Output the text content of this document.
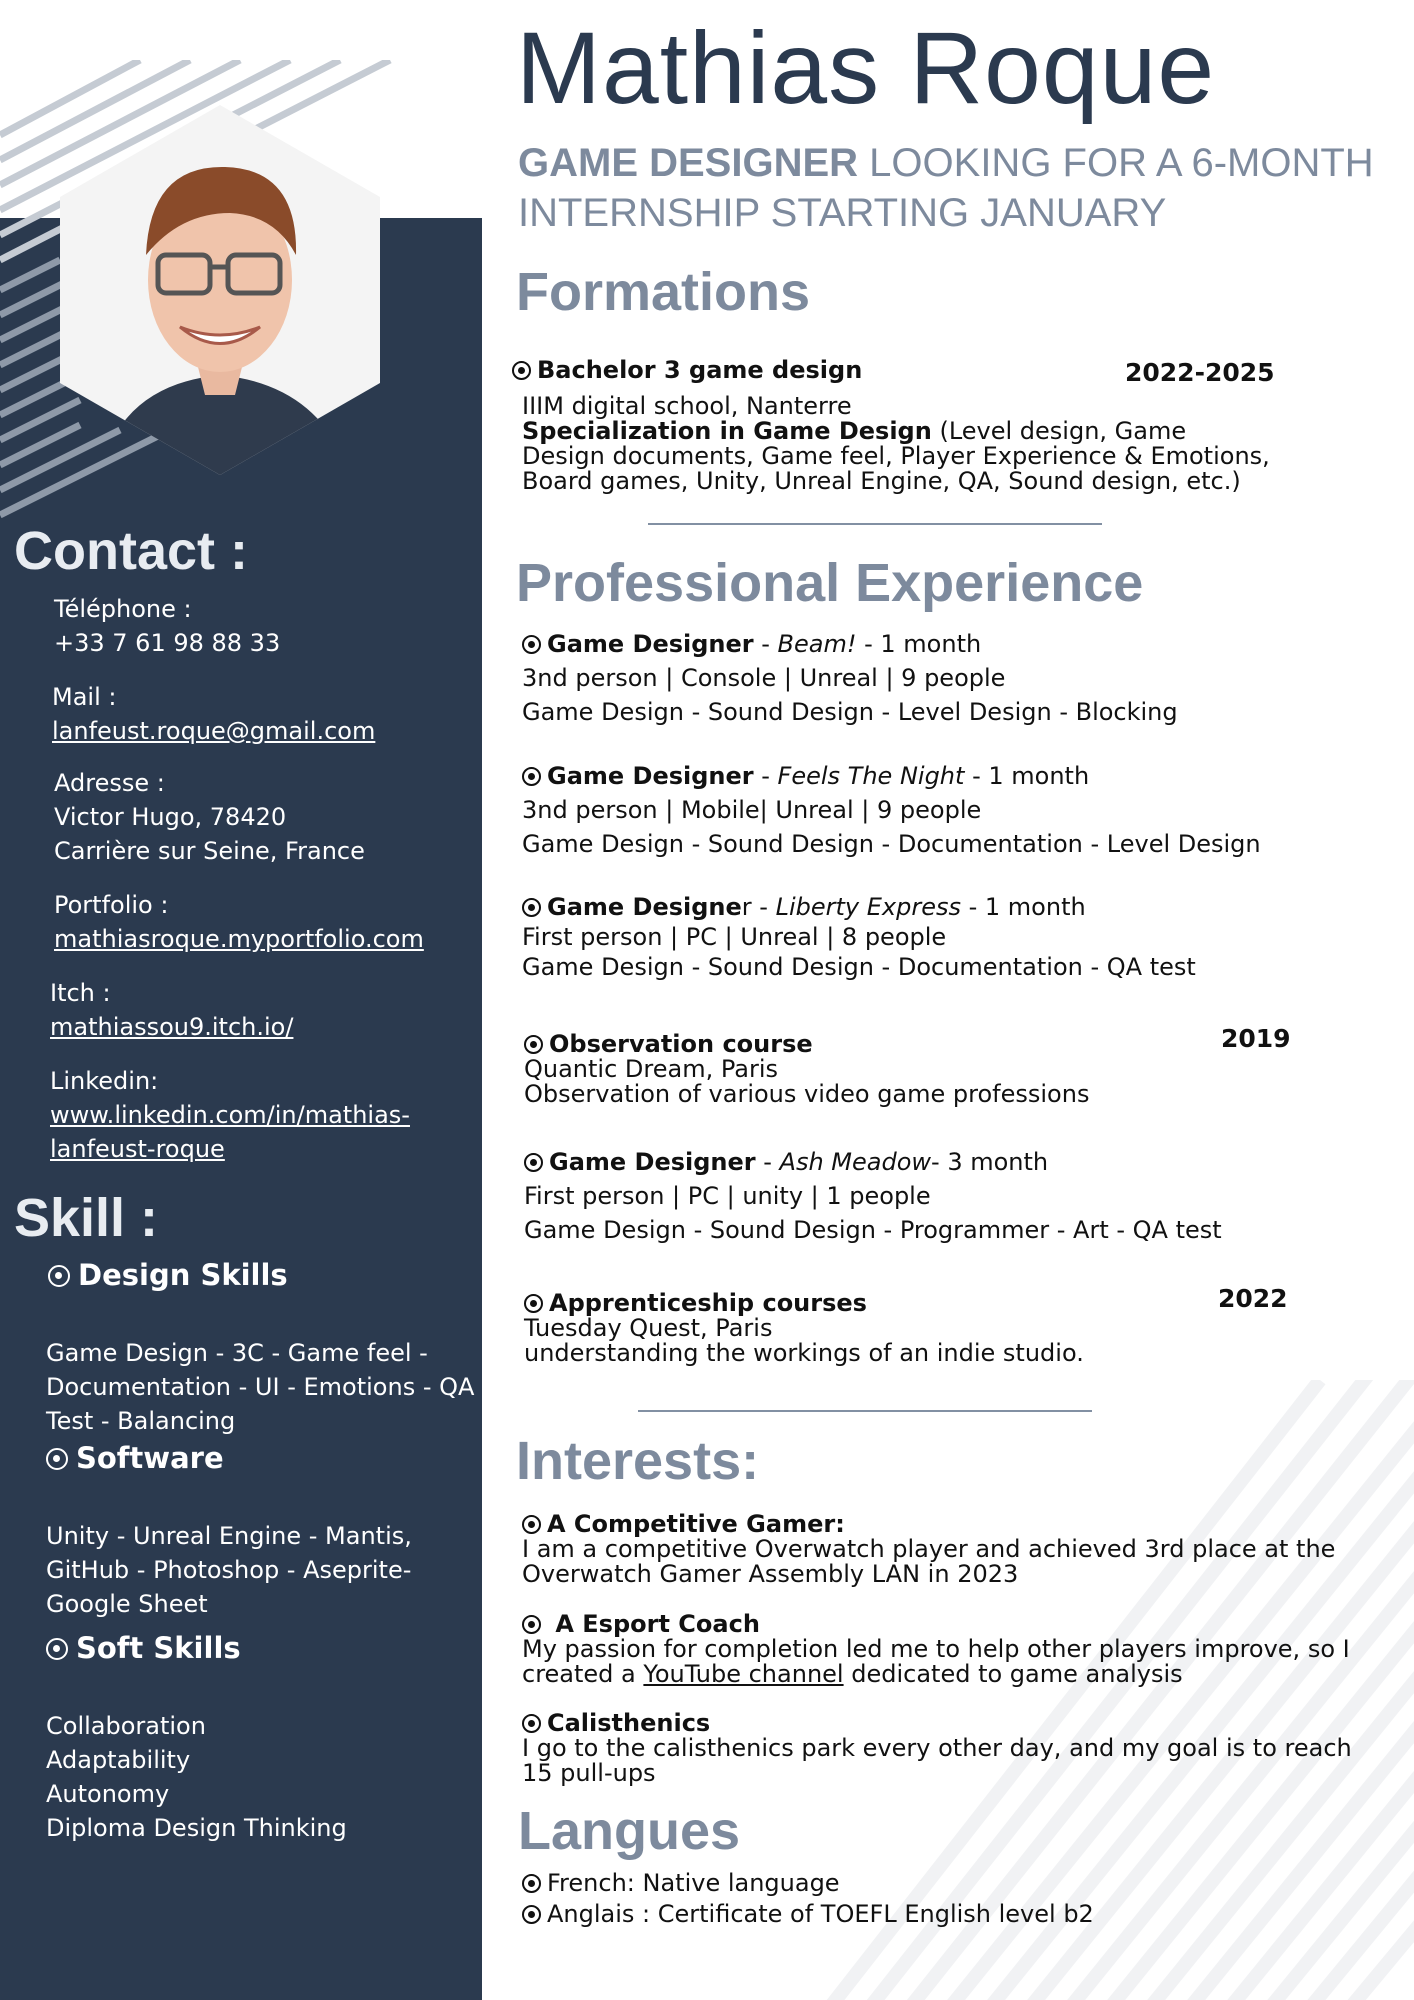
Mathias Roque
GAME DESIGNER LOOKING FOR A 6-MONTH
INTERNSHIP STARTING JANUARY
Contact :
Téléphone :
+33 7 61 98 88 33
Mail :
lanfeust.roque@gmail.com
Adresse :
Victor Hugo, 78420
Carrière sur Seine, France
Portfolio :
mathiasroque.myportfolio.com
Itch :
mathiassou9.itch.io/
Linkedin:
www.linkedin.com/in/mathias-
lanfeust-roque
Skill :
Design Skills
Game Design - 3C - Game feel -
Documentation - UI - Emotions - QA -
Test - Balancing
Software
Unity - Unreal Engine - Mantis,
GitHub - Photoshop - Aseprite-
Google Sheet
Soft Skills
Collaboration
Adaptability
Autonomy
Diploma Design Thinking
Formations
Bachelor 3 game design	2022-2025
IIIM digital school, Nanterre
Specialization in Game Design (Level design, Game
Design documents, Game feel, Player Experience & Emotions,
Board games, Unity, Unreal Engine, QA, Sound design, etc.)
Professional Experience
Game Designer - Beam! - 1 month
3nd person | Console | Unreal | 9 people
Game Design - Sound Design - Level Design - Blocking
Game Designer - Feels The Night - 1 month
3nd person | Mobile| Unreal | 9 people
Game Design - Sound Design - Documentation - Level Design
Game Designer - Liberty Express - 1 month
First person | PC | Unreal | 8 people
Game Design - Sound Design - Documentation - QA test
Observation course
Quantic Dream, Paris
Observation of various video game professions
2019
Game Designer - Ash Meadow- 3 month
First person | PC | unity | 1 people
Game Design - Sound Design - Programmer - Art - QA test
Apprenticeship courses
Tuesday Quest, Paris
understanding the workings of an indie studio.
2022
Interests:
A Competitive Gamer:
I am a competitive Overwatch player and achieved 3rd place at the
Overwatch Gamer Assembly LAN in 2023
A Esport Coach
My passion for completion led me to help other players improve, so I
created a YouTube channel dedicated to game analysis
Calisthenics
I go to the calisthenics park every other day, and my goal is to reach
15 pull-ups
Langues
French: Native language
Anglais : Certificate of TOEFL English level b2
